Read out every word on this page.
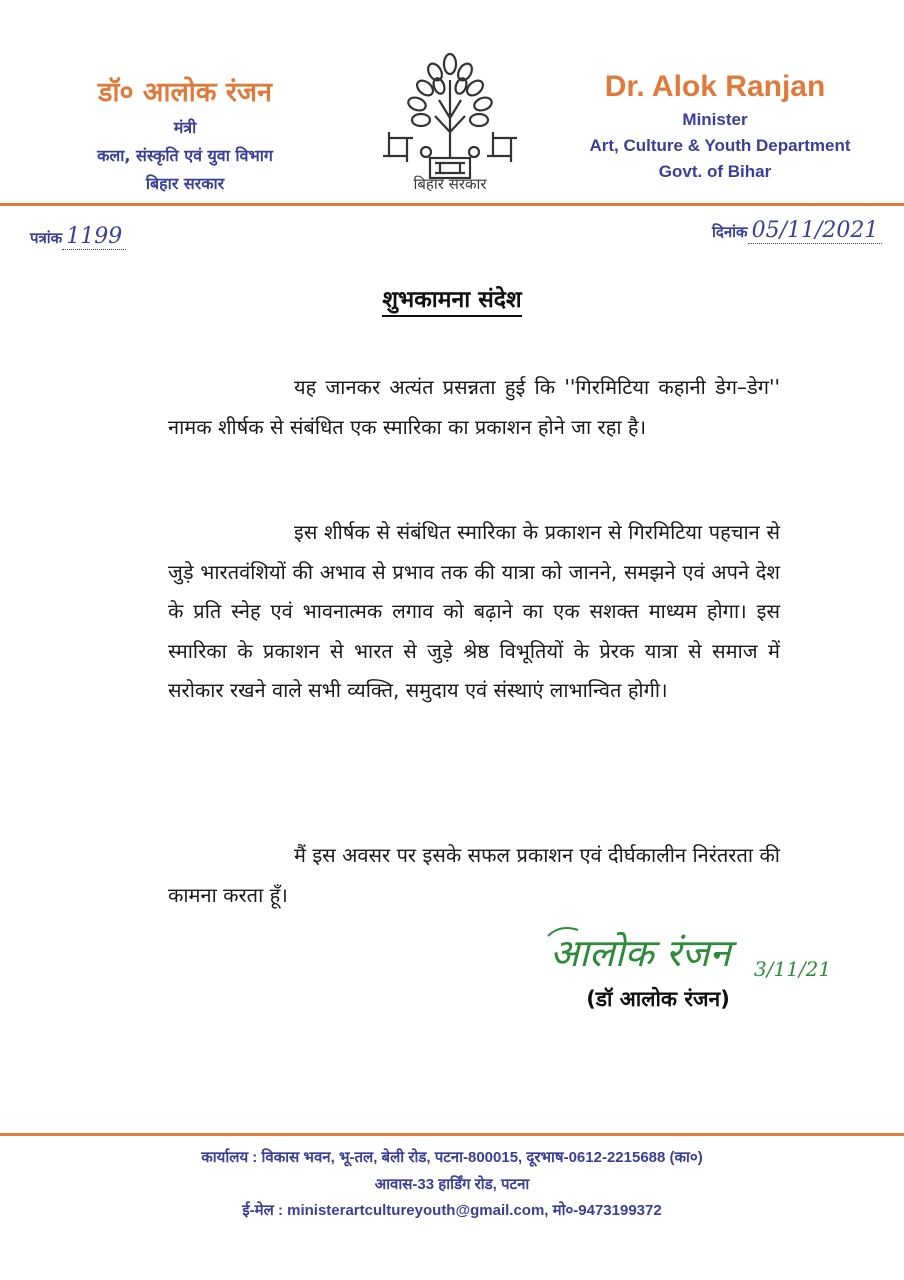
डॉ० आलोक रंजन
मंत्री
कला, संस्कृति एवं युवा विभाग
बिहार सरकार	बिहार सरकार
Dr. Alok Ranjan
Minister
Art, Culture & Youth Department
Govt. of Bihar
पत्रांक 1199	दिनांक 05/11/2021
शुभकामना संदेश
यह जानकर अत्यंत प्रसन्नता हुई कि ''गिरमिटिया कहानी डेग–डेग'' नामक शीर्षक से संबंधित एक स्मारिका का प्रकाशन होने जा रहा है।
इस शीर्षक से संबंधित स्मारिका के प्रकाशन से गिरमिटिया पहचान से जुड़े भारतवंशियों की अभाव से प्रभाव तक की यात्रा को जानने, समझने एवं अपने देश के प्रति स्नेह एवं भावनात्मक लगाव को बढ़ाने का एक सशक्त माध्यम होगा। इस स्मारिका के प्रकाशन से भारत से जुड़े श्रेष्ठ विभूतियों के प्रेरक यात्रा से समाज में सरोकार रखने वाले सभी व्यक्ति, समुदाय एवं संस्थाएं लाभान्वित होगी।
मैं इस अवसर पर इसके सफल प्रकाशन एवं दीर्घकालीन निरंतरता की कामना करता हूँ।
आलोक रंजन	3/11/21
(डॉ आलोक रंजन)
कार्यालय : विकास भवन, भू-तल, बेली रोड, पटना-800015, दूरभाष-0612-2215688 (का०)
आवास-33 हार्डिंग रोड, पटना
ई-मेल : ministerartcultureyouth@gmail.com, मो०-9473199372
